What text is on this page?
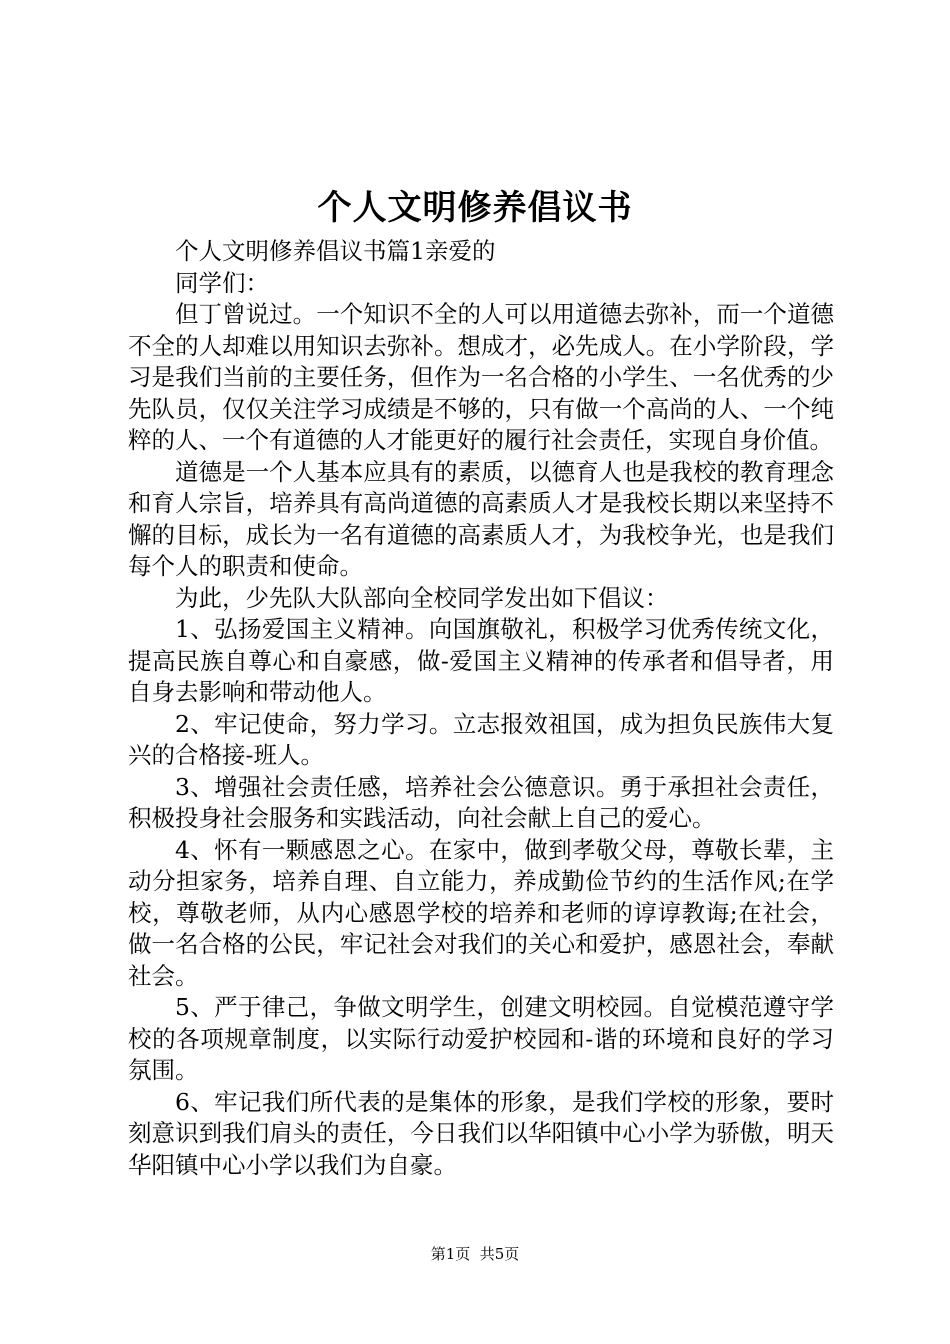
个人文明修养倡议书

个人文明修养倡议书篇1亲爱的

同学们：

但丁曾说过。一个知识不全的人可以用道德去弥补，而一个道德不全的人却难以用知识去弥补。想成才，必先成人。在小学阶段，学习是我们当前的主要任务，但作为一名合格的小学生、一名优秀的少先队员，仅仅关注学习成绩是不够的，只有做一个高尚的人、一个纯粹的人、一个有道德的人才能更好的履行社会责任，实现自身价值。

道德是一个人基本应具有的素质，以德育人也是我校的教育理念和育人宗旨，培养具有高尚道德的高素质人才是我校长期以来坚持不懈的目标，成长为一名有道德的高素质人才，为我校争光，也是我们每个人的职责和使命。

为此，少先队大队部向全校同学发出如下倡议：

1、弘扬爱国主义精神。向国旗敬礼，积极学习优秀传统文化，提高民族自尊心和自豪感，做-爱国主义精神的传承者和倡导者，用自身去影响和带动他人。

2、牢记使命，努力学习。立志报效祖国，成为担负民族伟大复兴的合格接-班人。

3、增强社会责任感，培养社会公德意识。勇于承担社会责任，积极投身社会服务和实践活动，向社会献上自己的爱心。

4、怀有一颗感恩之心。在家中，做到孝敬父母，尊敬长辈，主动分担家务，培养自理、自立能力，养成勤俭节约的生活作风;在学校，尊敬老师，从内心感恩学校的培养和老师的谆谆教诲;在社会，做一名合格的公民，牢记社会对我们的关心和爱护，感恩社会，奉献社会。

5、严于律己，争做文明学生，创建文明校园。自觉模范遵守学校的各项规章制度，以实际行动爱护校园和-谐的环境和良好的学习氛围。

6、牢记我们所代表的是集体的形象，是我们学校的形象，要时刻意识到我们肩头的责任，今日我们以华阳镇中心小学为骄傲，明天华阳镇中心小学以我们为自豪。

第1页  共5页
